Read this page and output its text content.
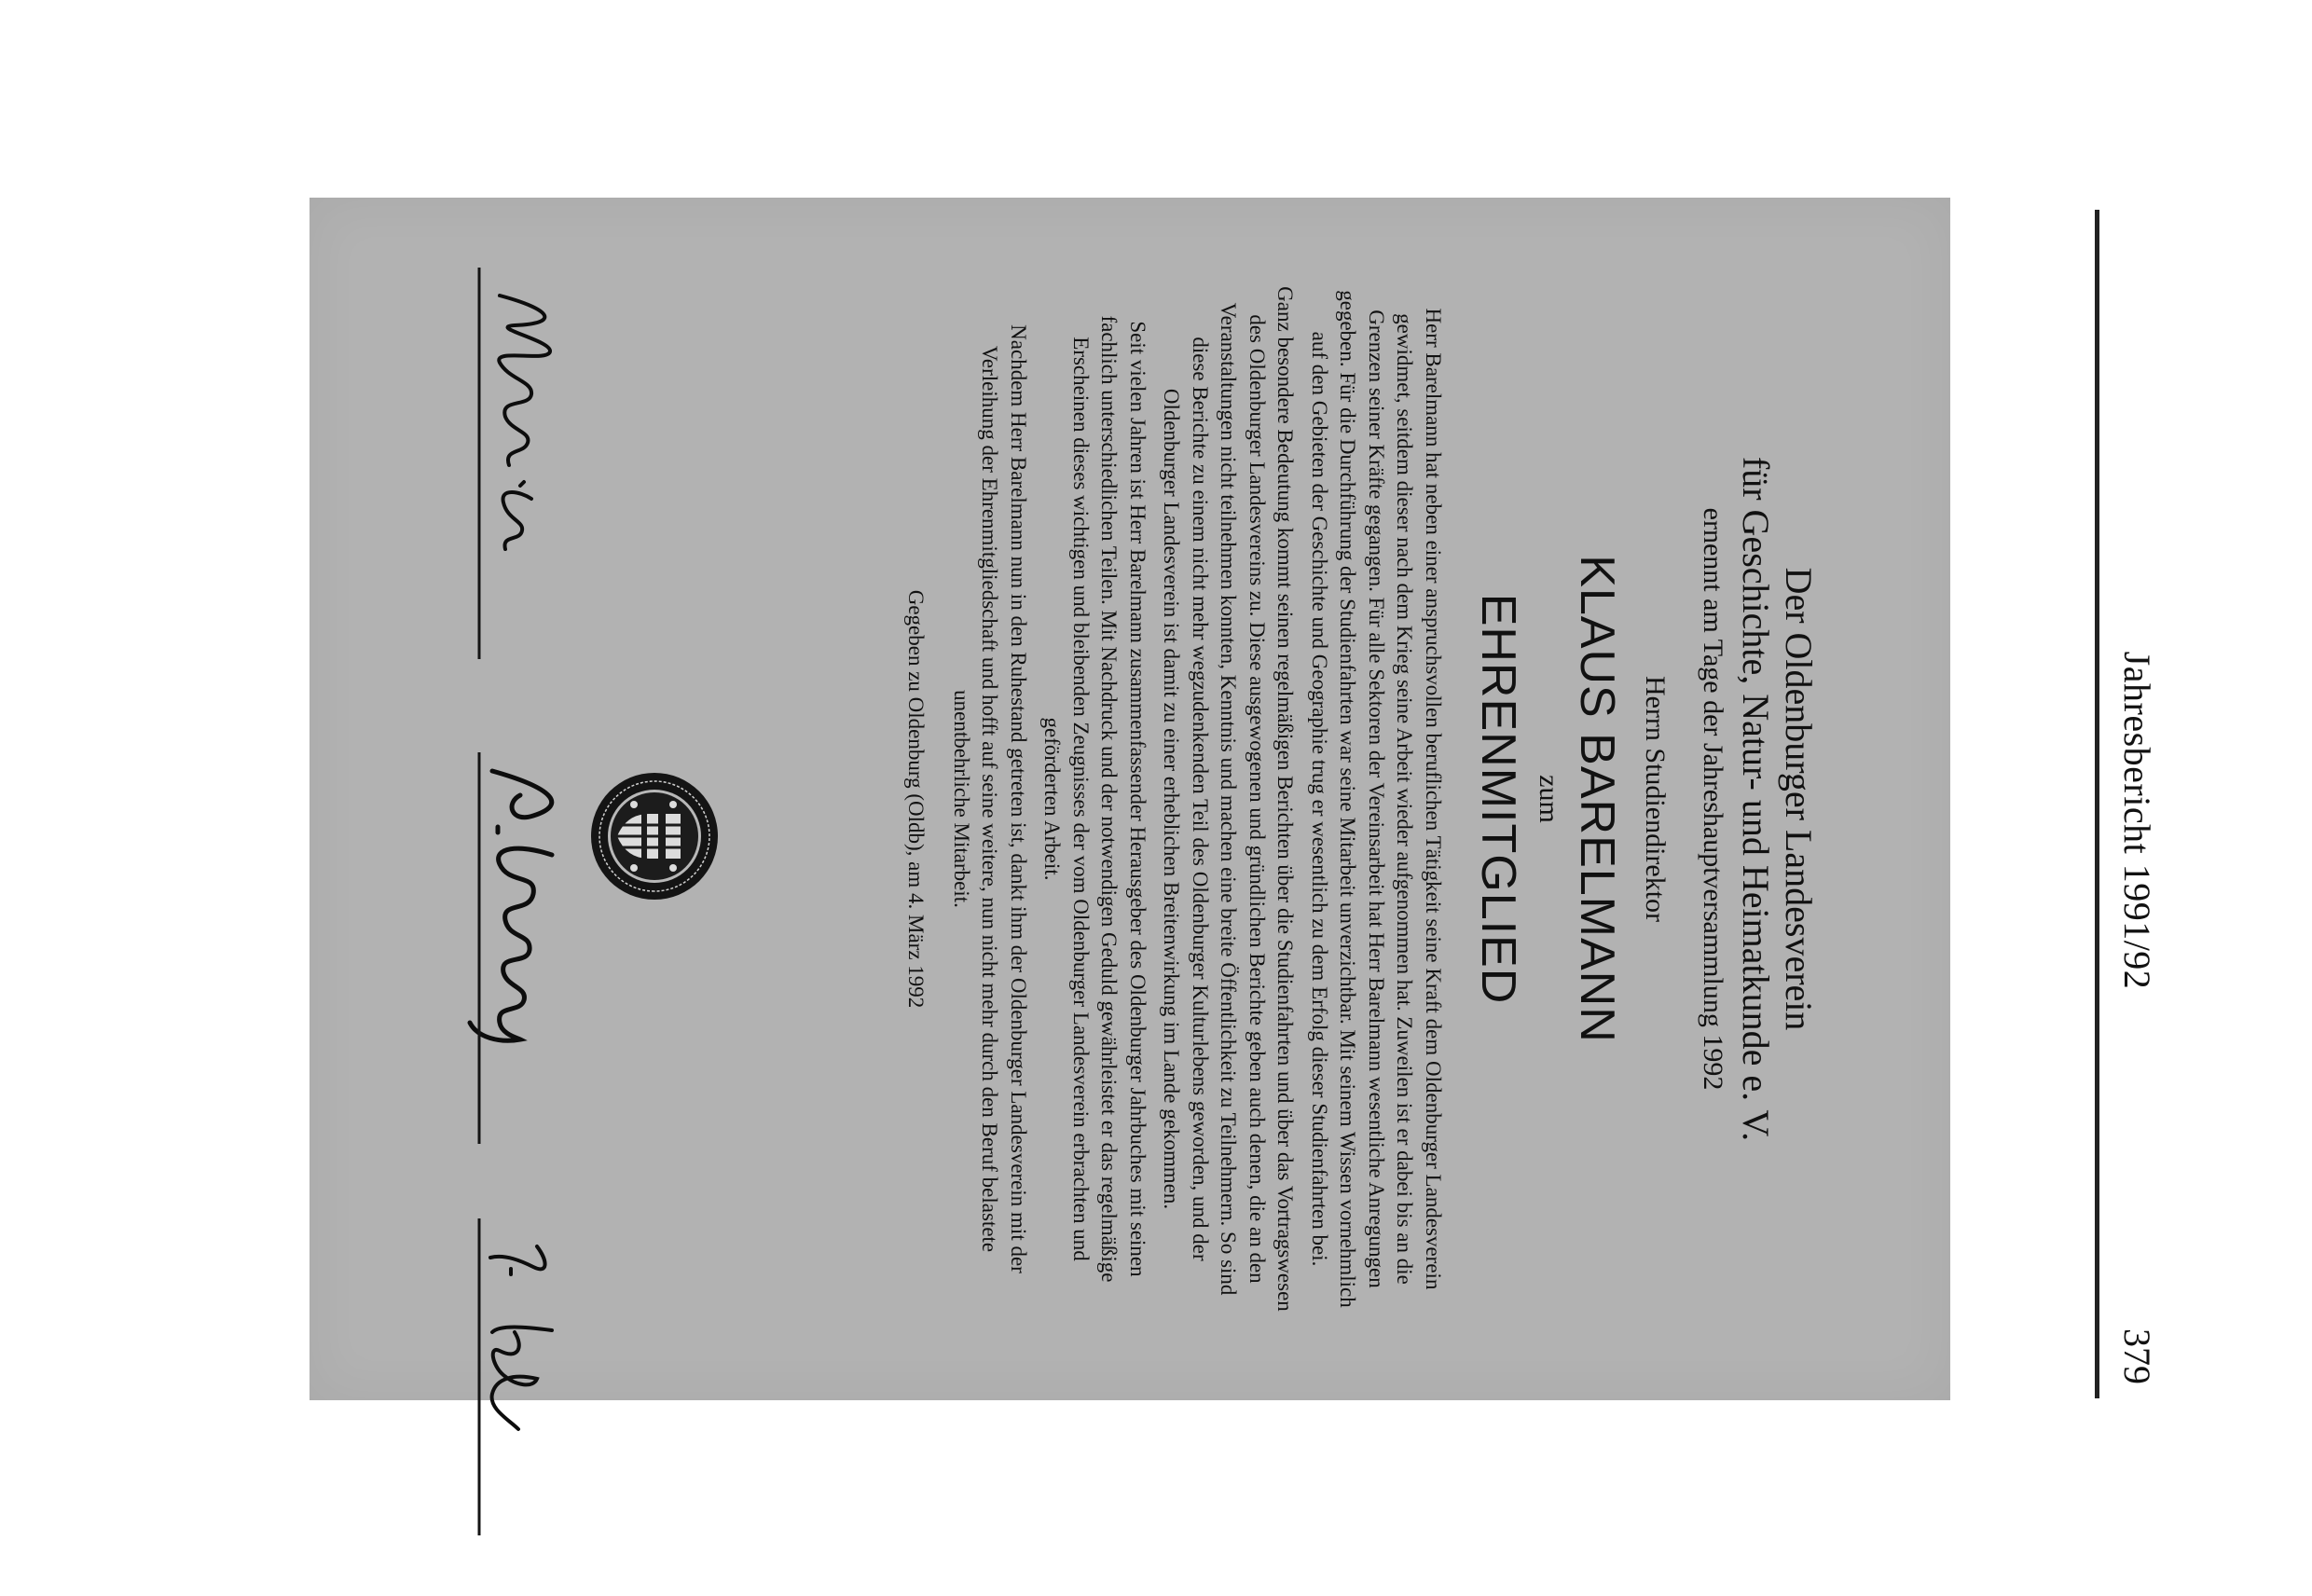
Jahresbericht 1991/92
379
Der Oldenburger Landesverein
für Geschichte, Natur- und Heimatkunde e. V.
ernennt am Tage der Jahreshauptversammlung 1992
Herrn Studiendirektor
KLAUS BARELMANN
zum
EHRENMITGLIED

Herr Barelmann hat neben einer anspruchsvollen beruflichen Tätigkeit seine Kraft dem Oldenburger Landesverein gewidmet, seitdem dieser nach dem Krieg seine Arbeit wieder aufgenommen hat. Zuweilen ist er dabei bis an die Grenzen seiner Kräfte gegangen. Für alle Sektoren der Vereinsarbeit hat Herr Barelmann wesentliche Anregungen gegeben. Für die Durchführung der Studienfahrten war seine Mitarbeit unverzichtbar. Mit seinem Wissen vornehmlich auf den Gebieten der Geschichte und Geographie trug er wesentlich zu dem Erfolg dieser Studienfahrten bei.

Ganz besondere Bedeutung kommt seinen regelmäßigen Berichten über die Studienfahrten und über das Vortragswesen des Oldenburger Landesvereins zu. Diese ausgewogenen und gründlichen Berichte geben auch denen, die an den Veranstaltungen nicht teilnehmen konnten, Kenntnis und machen eine breite Öffentlichkeit zu Teilnehmern. So sind diese Berichte zu einem nicht mehr wegzudenkenden Teil des Oldenburger Kulturlebens geworden, und der Oldenburger Landesverein ist damit zu einer erheblichen Breitenwirkung im Lande gekommen.

Seit vielen Jahren ist Herr Barelmann zusammenfassender Herausgeber des Oldenburger Jahrbuches mit seinen fachlich unterschiedlichen Teilen. Mit Nachdruck und der notwendigen Geduld gewährleistet er das regelmäßige Erscheinen dieses wichtigen und bleibenden Zeugnisses der vom Oldenburger Landesverein erbrachten und geförderten Arbeit.

Nachdem Herr Barelmann nun in den Ruhestand getreten ist, dankt ihm der Oldenburger Landesverein mit der Verleihung der Ehrenmitgliedschaft und hofft auf seine weitere, nun nicht mehr durch den Beruf belastete unentbehrliche Mitarbeit.

Gegeben zu Oldenburg (Oldb), am 4. März 1992
